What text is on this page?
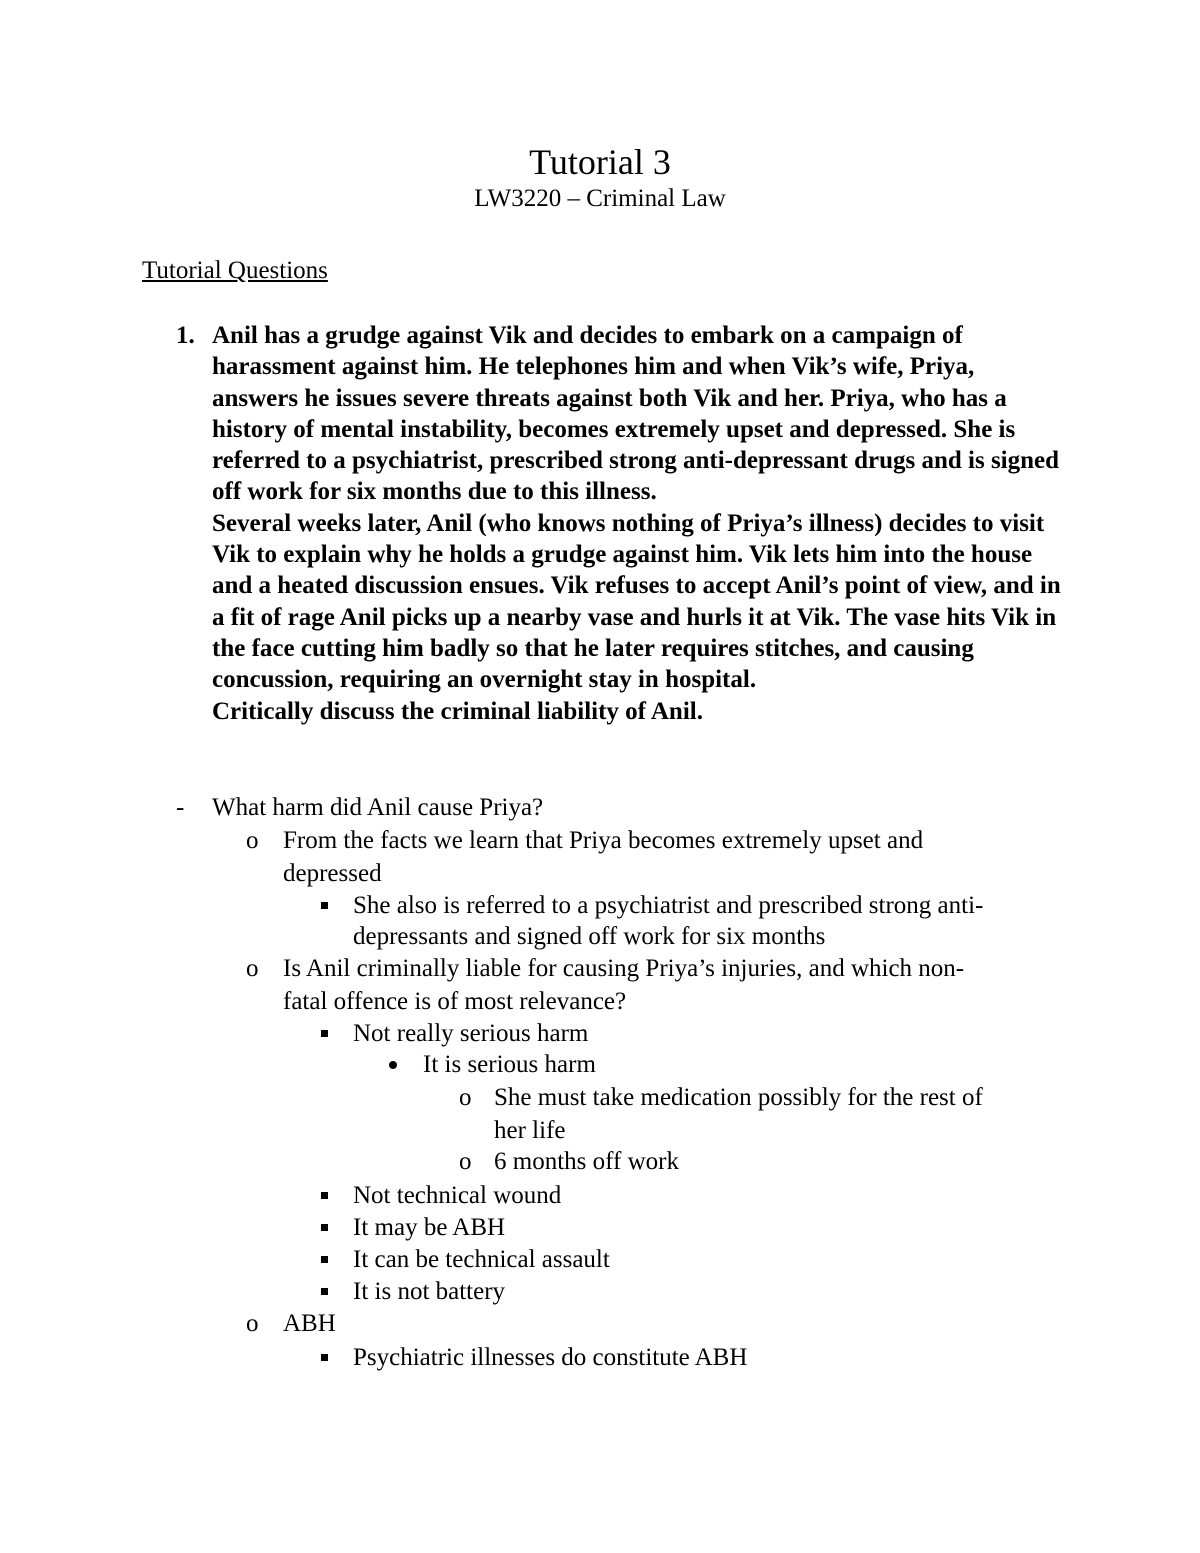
Tutorial 3
LW3220 – Criminal Law
Tutorial Questions
1. Anil has a grudge against Vik and decides to embark on a campaign of harassment against him. He telephones him and when Vik’s wife, Priya, answers he issues severe threats against both Vik and her. Priya, who has a history of mental instability, becomes extremely upset and depressed. She is referred to a psychiatrist, prescribed strong anti-depressant drugs and is signed off work for six months due to this illness.

Several weeks later, Anil (who knows nothing of Priya’s illness) decides to visit Vik to explain why he holds a grudge against him. Vik lets him into the house and a heated discussion ensues. Vik refuses to accept Anil’s point of view, and in a fit of rage Anil picks up a nearby vase and hurls it at Vik. The vase hits Vik in the face cutting him badly so that he later requires stitches, and causing concussion, requiring an overnight stay in hospital.

Critically discuss the criminal liability of Anil.

- What harm did Anil cause Priya?
o From the facts we learn that Priya becomes extremely upset and
depressed
She also is referred to a psychiatrist and prescribed strong anti-
depressants and signed off work for six months
o Is Anil criminally liable for causing Priya’s injuries, and which non-
fatal offence is of most relevance?
Not really serious harm
It is serious harm
o She must take medication possibly for the rest of
her life
o 6 months off work
Not technical wound
It may be ABH
It can be technical assault
It is not battery
o ABH
Psychiatric illnesses do constitute ABH
